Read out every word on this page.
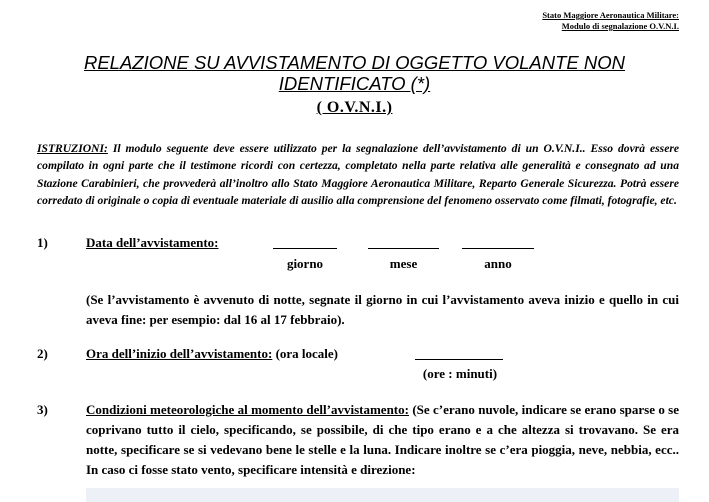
Stato Maggiore Aeronautica Militare:
Modulo di segnalazione O.V.N.I.
RELAZIONE SU AVVISTAMENTO DI OGGETTO VOLANTE NON IDENTIFICATO (*)
( O.V.N.I.)
ISTRUZIONI: Il modulo seguente deve essere utilizzato per la segnalazione dell’avvistamento di un O.V.N.I.. Esso dovrà essere compilato in ogni parte che il testimone ricordi con certezza, completato nella parte relativa alle generalità e consegnato ad una Stazione Carabinieri, che provvederà all’inoltro allo Stato Maggiore Aeronautica Militare, Reparto Generale Sicurezza. Potrà essere corredato di originale o copia di eventuale materiale di ausilio alla comprensione del fenomeno osservato come filmati, fotografie, etc.
1)	Data dell’avvistamento:
giorno	mese	anno
(Se l’avvistamento è avvenuto di notte, segnate il giorno in cui l’avvistamento aveva inizio e quello in cui aveva fine: per esempio: dal 16 al 17 febbraio).
2)	Ora dell’inizio dell’avvistamento: (ora locale)
(ore : minuti)
3)	Condizioni meteorologiche al momento dell’avvistamento: (Se c’erano nuvole, indicare se erano sparse o se coprivano tutto il cielo, specificando, se possibile, di che tipo erano e a che altezza si trovavano. Se era notte, specificare se si vedevano bene le stelle e la luna. Indicare inoltre se c’era pioggia, neve, nebbia, ecc.. In caso ci fosse stato vento, specificare intensità e direzione:
